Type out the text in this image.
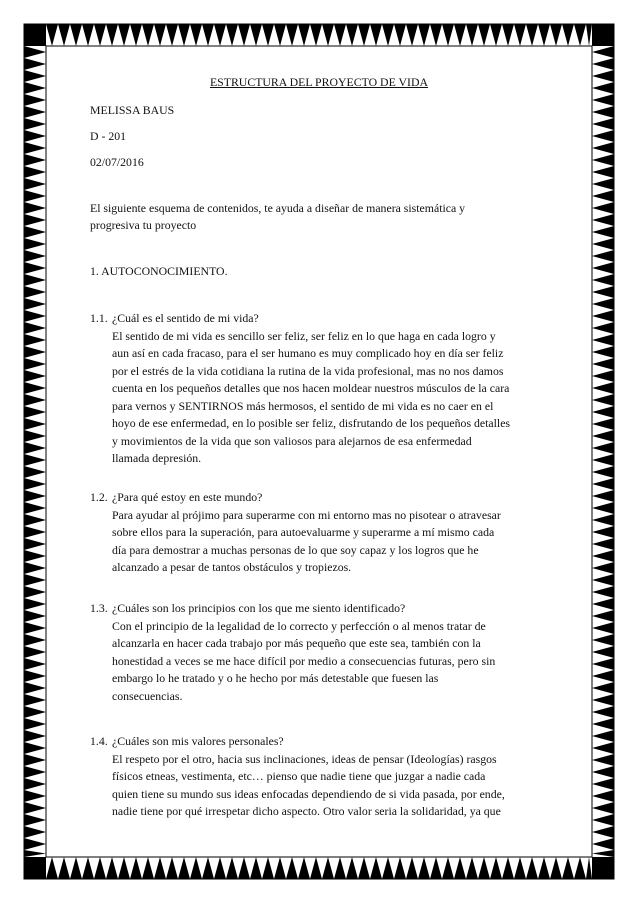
ESTRUCTURA DEL PROYECTO DE VIDA
MELISSA BAUS
D - 201
02/07/2016
El siguiente esquema de contenidos, te ayuda a diseñar de manera sistemática y
progresiva tu proyecto
1. AUTOCONOCIMIENTO.
1.1. ¿Cuál es el sentido de mi vida?
El sentido de mi vida es sencillo ser feliz, ser feliz en lo que haga en cada logro y
aun así en cada fracaso, para el ser humano es muy complicado hoy en día ser feliz
por el estrés de la vida cotidiana la rutina de la vida profesional, mas no nos damos
cuenta en los pequeños detalles que nos hacen moldear nuestros músculos de la cara
para vernos y SENTIRNOS más hermosos, el sentido de mi vida es no caer en el
hoyo de ese enfermedad, en lo posible ser feliz, disfrutando de los pequeños detalles
y movimientos de la vida que son valiosos para alejarnos de esa enfermedad
llamada depresión.
1.2. ¿Para qué estoy en este mundo?
Para ayudar al prójimo para superarme con mi entorno mas no pisotear o atravesar
sobre ellos para la superación, para autoevaluarme y superarme a mí mismo cada
día para demostrar a muchas personas de lo que soy capaz y los logros que he
alcanzado a pesar de tantos obstáculos y tropiezos.
1.3. ¿Cuáles son los principios con los que me siento identificado?
Con el principio de la legalidad de lo correcto y perfección o al menos tratar de
alcanzarla en hacer cada trabajo por más pequeño que este sea, también con la
honestidad a veces se me hace difícil por medio a consecuencias futuras, pero sin
embargo lo he tratado y o he hecho por más detestable que fuesen las
consecuencias.
1.4. ¿Cuáles son mis valores personales?
El respeto por el otro, hacia sus inclinaciones, ideas de pensar (Ideologías) rasgos
físicos etneas, vestimenta, etc… pienso que nadie tiene que juzgar a nadie cada
quien tiene su mundo sus ideas enfocadas dependiendo de si vida pasada, por ende,
nadie tiene por qué irrespetar dicho aspecto. Otro valor seria la solidaridad, ya que
